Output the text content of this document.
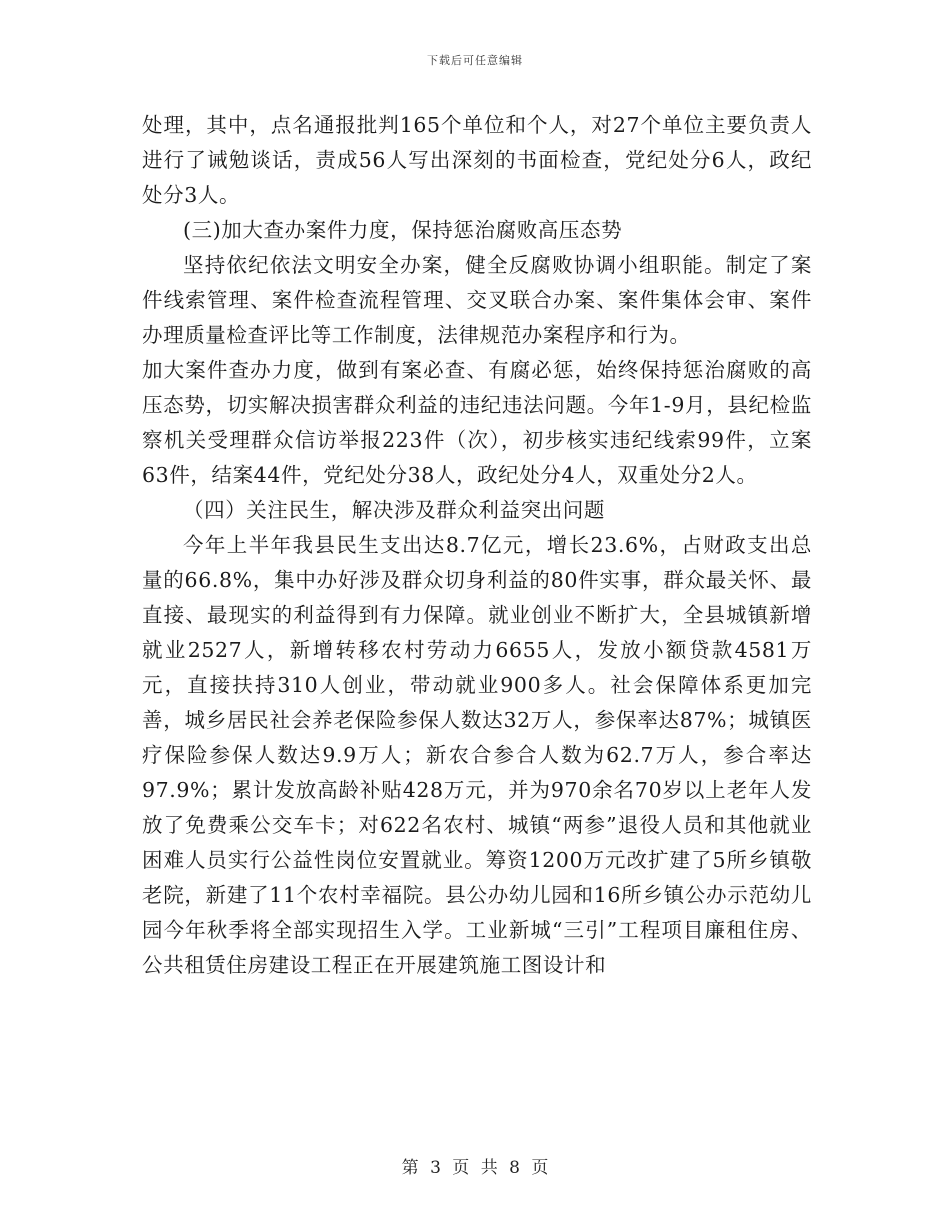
下载后可任意编辑

处理，其中，点名通报批判165个单位和个人，对27个单位主要负责人进行了诫勉谈话，责成56人写出深刻的书面检查，党纪处分6人，政纪处分3人。

(三)加大查办案件力度，保持惩治腐败高压态势

坚持依纪依法文明安全办案，健全反腐败协调小组职能。制定了案件线索管理、案件检查流程管理、交叉联合办案、案件集体会审、案件办理质量检查评比等工作制度，法律规范办案程序和行为。

加大案件查办力度，做到有案必查、有腐必惩，始终保持惩治腐败的高压态势，切实解决损害群众利益的违纪违法问题。今年1-9月，县纪检监察机关受理群众信访举报223件（次），初步核实违纪线索99件，立案63件，结案44件，党纪处分38人，政纪处分4人，双重处分2人。

（四）关注民生，解决涉及群众利益突出问题

今年上半年我县民生支出达8.7亿元，增长23.6%，占财政支出总量的66.8%，集中办好涉及群众切身利益的80件实事，群众最关怀、最直接、最现实的利益得到有力保障。就业创业不断扩大，全县城镇新增就业2527人，新增转移农村劳动力6655人，发放小额贷款4581万元，直接扶持310人创业，带动就业900多人。社会保障体系更加完善，城乡居民社会养老保险参保人数达32万人，参保率达87%；城镇医疗保险参保人数达9.9万人；新农合参合人数为62.7万人，参合率达97.9%；累计发放高龄补贴428万元，并为970余名70岁以上老年人发放了免费乘公交车卡；对622名农村、城镇“两参”退役人员和其他就业困难人员实行公益性岗位安置就业。筹资1200万元改扩建了5所乡镇敬老院，新建了11个农村幸福院。县公办幼儿园和16所乡镇公办示范幼儿园今年秋季将全部实现招生入学。工业新城“三引”工程项目廉租住房、公共租赁住房建设工程正在开展建筑施工图设计和

第 3 页 共 8 页
